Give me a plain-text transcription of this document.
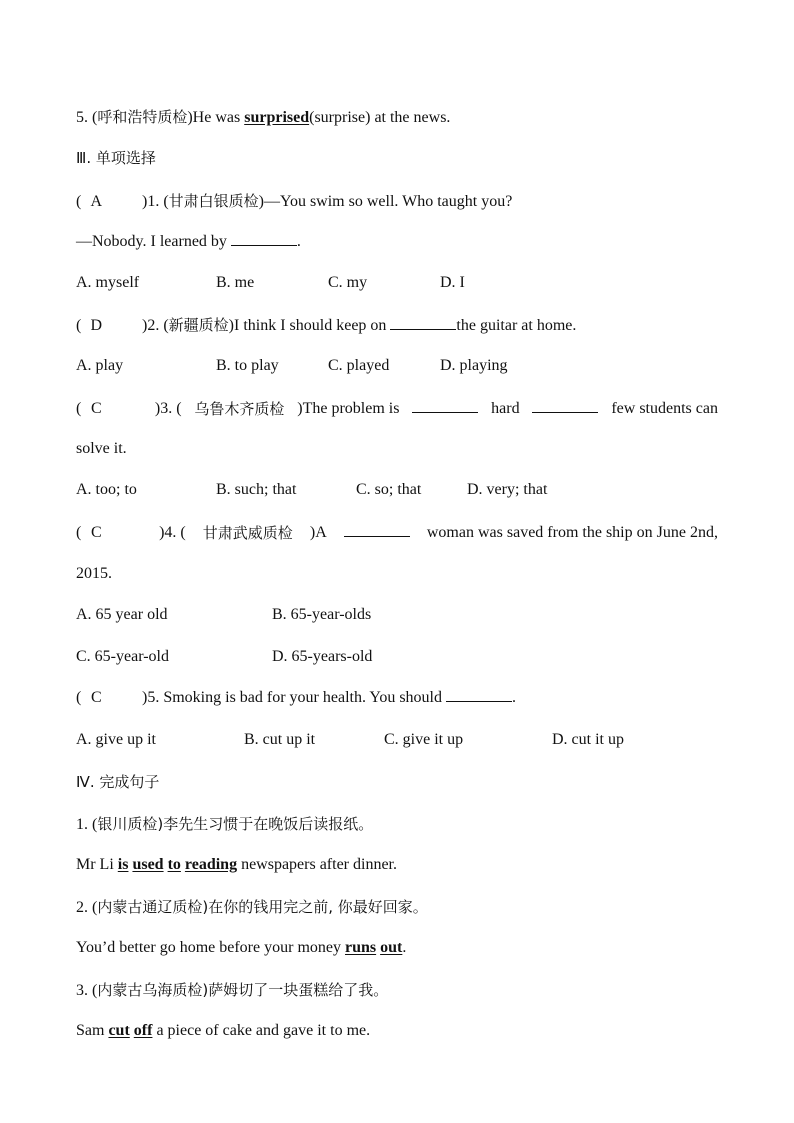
5. (呼和浩特质检)He was surprised(surprise) at the news.
Ⅲ. 单项选择
( A )1. (甘肃白银质检)—You swim so well. Who taught you?
—Nobody. I learned by	.
A. myself	B. me	C. my	D. I
( D )2. (新疆质检)I think I should keep on	the guitar at home.
A. play	B. to play	C. played	D. playing
( C	)3. ( 乌鲁木齐质检 )The problem is	hard	few students can
solve it.
A. too; to	B. such; that	C. so; that	D. very; that
( C	)4. ( 甘肃武威质检 )A	woman was saved from the ship on June 2nd,
2015.
A. 65 year old	B. 65-year-olds
C. 65-year-old	D. 65-years-old
( C	)5. Smoking is bad for your health. You should	.
A. give up it	B. cut up it	C. give it up	D. cut it up
Ⅳ. 完成句子
1. (银川质检)李先生习惯于在晚饭后读报纸。
Mr Li is used to reading newspapers after dinner.
2. (内蒙古通辽质检)在你的钱用完之前, 你最好回家。
You’d better go home before your money runs out.
3. (内蒙古乌海质检)萨姆切了一块蛋糕给了我。
Sam cut off a piece of cake and gave it to me.
